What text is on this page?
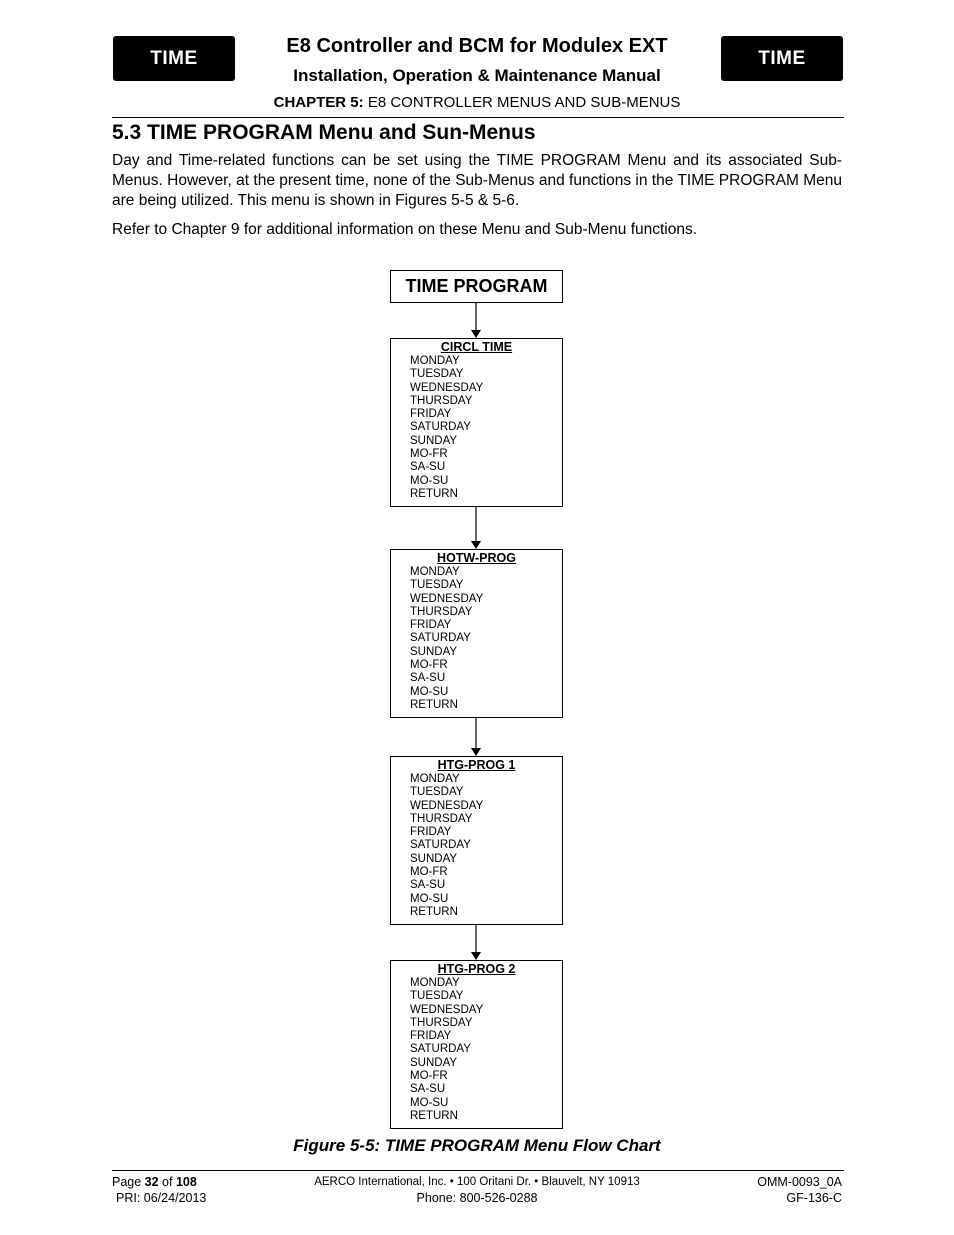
TIME	TIME
E8 Controller and BCM for Modulex EXT
Installation, Operation & Maintenance Manual
CHAPTER 5: E8 CONTROLLER MENUS AND SUB-MENUS
5.3 TIME PROGRAM Menu and Sun-Menus
Day and Time-related functions can be set using the TIME PROGRAM Menu and its associated Sub-Menus. However, at the present time, none of the Sub-Menus and functions in the TIME PROGRAM Menu are being utilized. This menu is shown in Figures 5-5 & 5-6.
Refer to Chapter 9 for additional information on these Menu and Sub-Menu functions.
TIME PROGRAM
CIRCL TIME
MONDAY
TUESDAY
WEDNESDAY
THURSDAY
FRIDAY
SATURDAY
SUNDAY
MO-FR
SA-SU
MO-SU
RETURN
HOTW-PROG
MONDAY
TUESDAY
WEDNESDAY
THURSDAY
FRIDAY
SATURDAY
SUNDAY
MO-FR
SA-SU
MO-SU
RETURN
HTG-PROG 1
MONDAY
TUESDAY
WEDNESDAY
THURSDAY
FRIDAY
SATURDAY
SUNDAY
MO-FR
SA-SU
MO-SU
RETURN
HTG-PROG 2
MONDAY
TUESDAY
WEDNESDAY
THURSDAY
FRIDAY
SATURDAY
SUNDAY
MO-FR
SA-SU
MO-SU
RETURN
Figure 5-5: TIME PROGRAM Menu Flow Chart
Page 32 of 108
PRI: 06/24/2013
AERCO International, Inc. • 100 Oritani Dr. • Blauvelt, NY 10913
Phone: 800-526-0288
OMM-0093_0A
GF-136-C
